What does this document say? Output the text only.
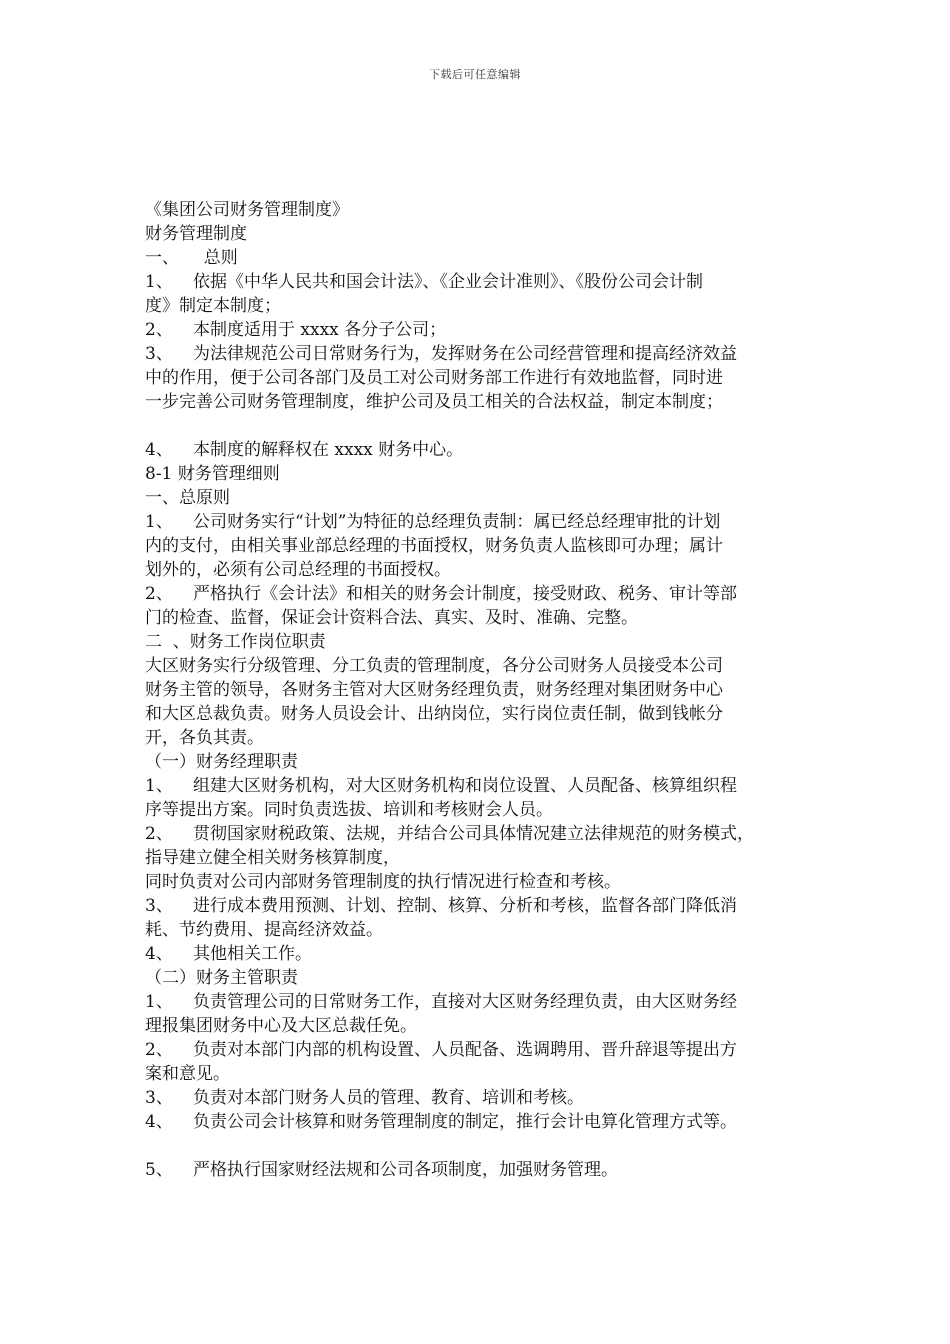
下载后可任意编辑
《集团公司财务管理制度》
财务管理制度
一、 总则
1、	依据《中华人民共和国会计法》、《企业会计准则》、《股份公司会计制
度》制定本制度；
2、	本制度适用于 xxxx 各分子公司；
3、	为法律规范公司日常财务行为，发挥财务在公司经营管理和提高经济效益
中的作用，便于公司各部门及员工对公司财务部工作进行有效地监督，同时进
一步完善公司财务管理制度，维护公司及员工相关的合法权益，制定本制度；
4、	本制度的解释权在 xxxx 财务中心。
8-1 财务管理细则
一、总原则
1、	公司财务实行“计划”为特征的总经理负责制：属已经总经理审批的计划
内的支付，由相关事业部总经理的书面授权，财务负责人监核即可办理；属计
划外的，必须有公司总经理的书面授权。
2、	严格执行《会计法》和相关的财务会计制度，接受财政、税务、审计等部
门的检查、监督，保证会计资料合法、真实、及时、准确、完整。
二  、财务工作岗位职责
大区财务实行分级管理、分工负责的管理制度，各分公司财务人员接受本公司
财务主管的领导，各财务主管对大区财务经理负责，财务经理对集团财务中心
和大区总裁负责。财务人员设会计、出纳岗位，实行岗位责任制，做到钱帐分
开，各负其责。
（一）财务经理职责
1、	组建大区财务机构，对大区财务机构和岗位设置、人员配备、核算组织程
序等提出方案。同时负责选拔、培训和考核财会人员。
2、	贯彻国家财税政策、法规，并结合公司具体情况建立法律规范的财务模式，
指导建立健全相关财务核算制度，
同时负责对公司内部财务管理制度的执行情况进行检查和考核。
3、	进行成本费用预测、计划、控制、核算、分析和考核，监督各部门降低消
耗、节约费用、提高经济效益。
4、	其他相关工作。
（二）财务主管职责
1、	负责管理公司的日常财务工作，直接对大区财务经理负责，由大区财务经
理报集团财务中心及大区总裁任免。
2、	负责对本部门内部的机构设置、人员配备、选调聘用、晋升辞退等提出方
案和意见。
3、	负责对本部门财务人员的管理、教育、培训和考核。
4、	负责公司会计核算和财务管理制度的制定，推行会计电算化管理方式等。
5、	严格执行国家财经法规和公司各项制度，加强财务管理。
